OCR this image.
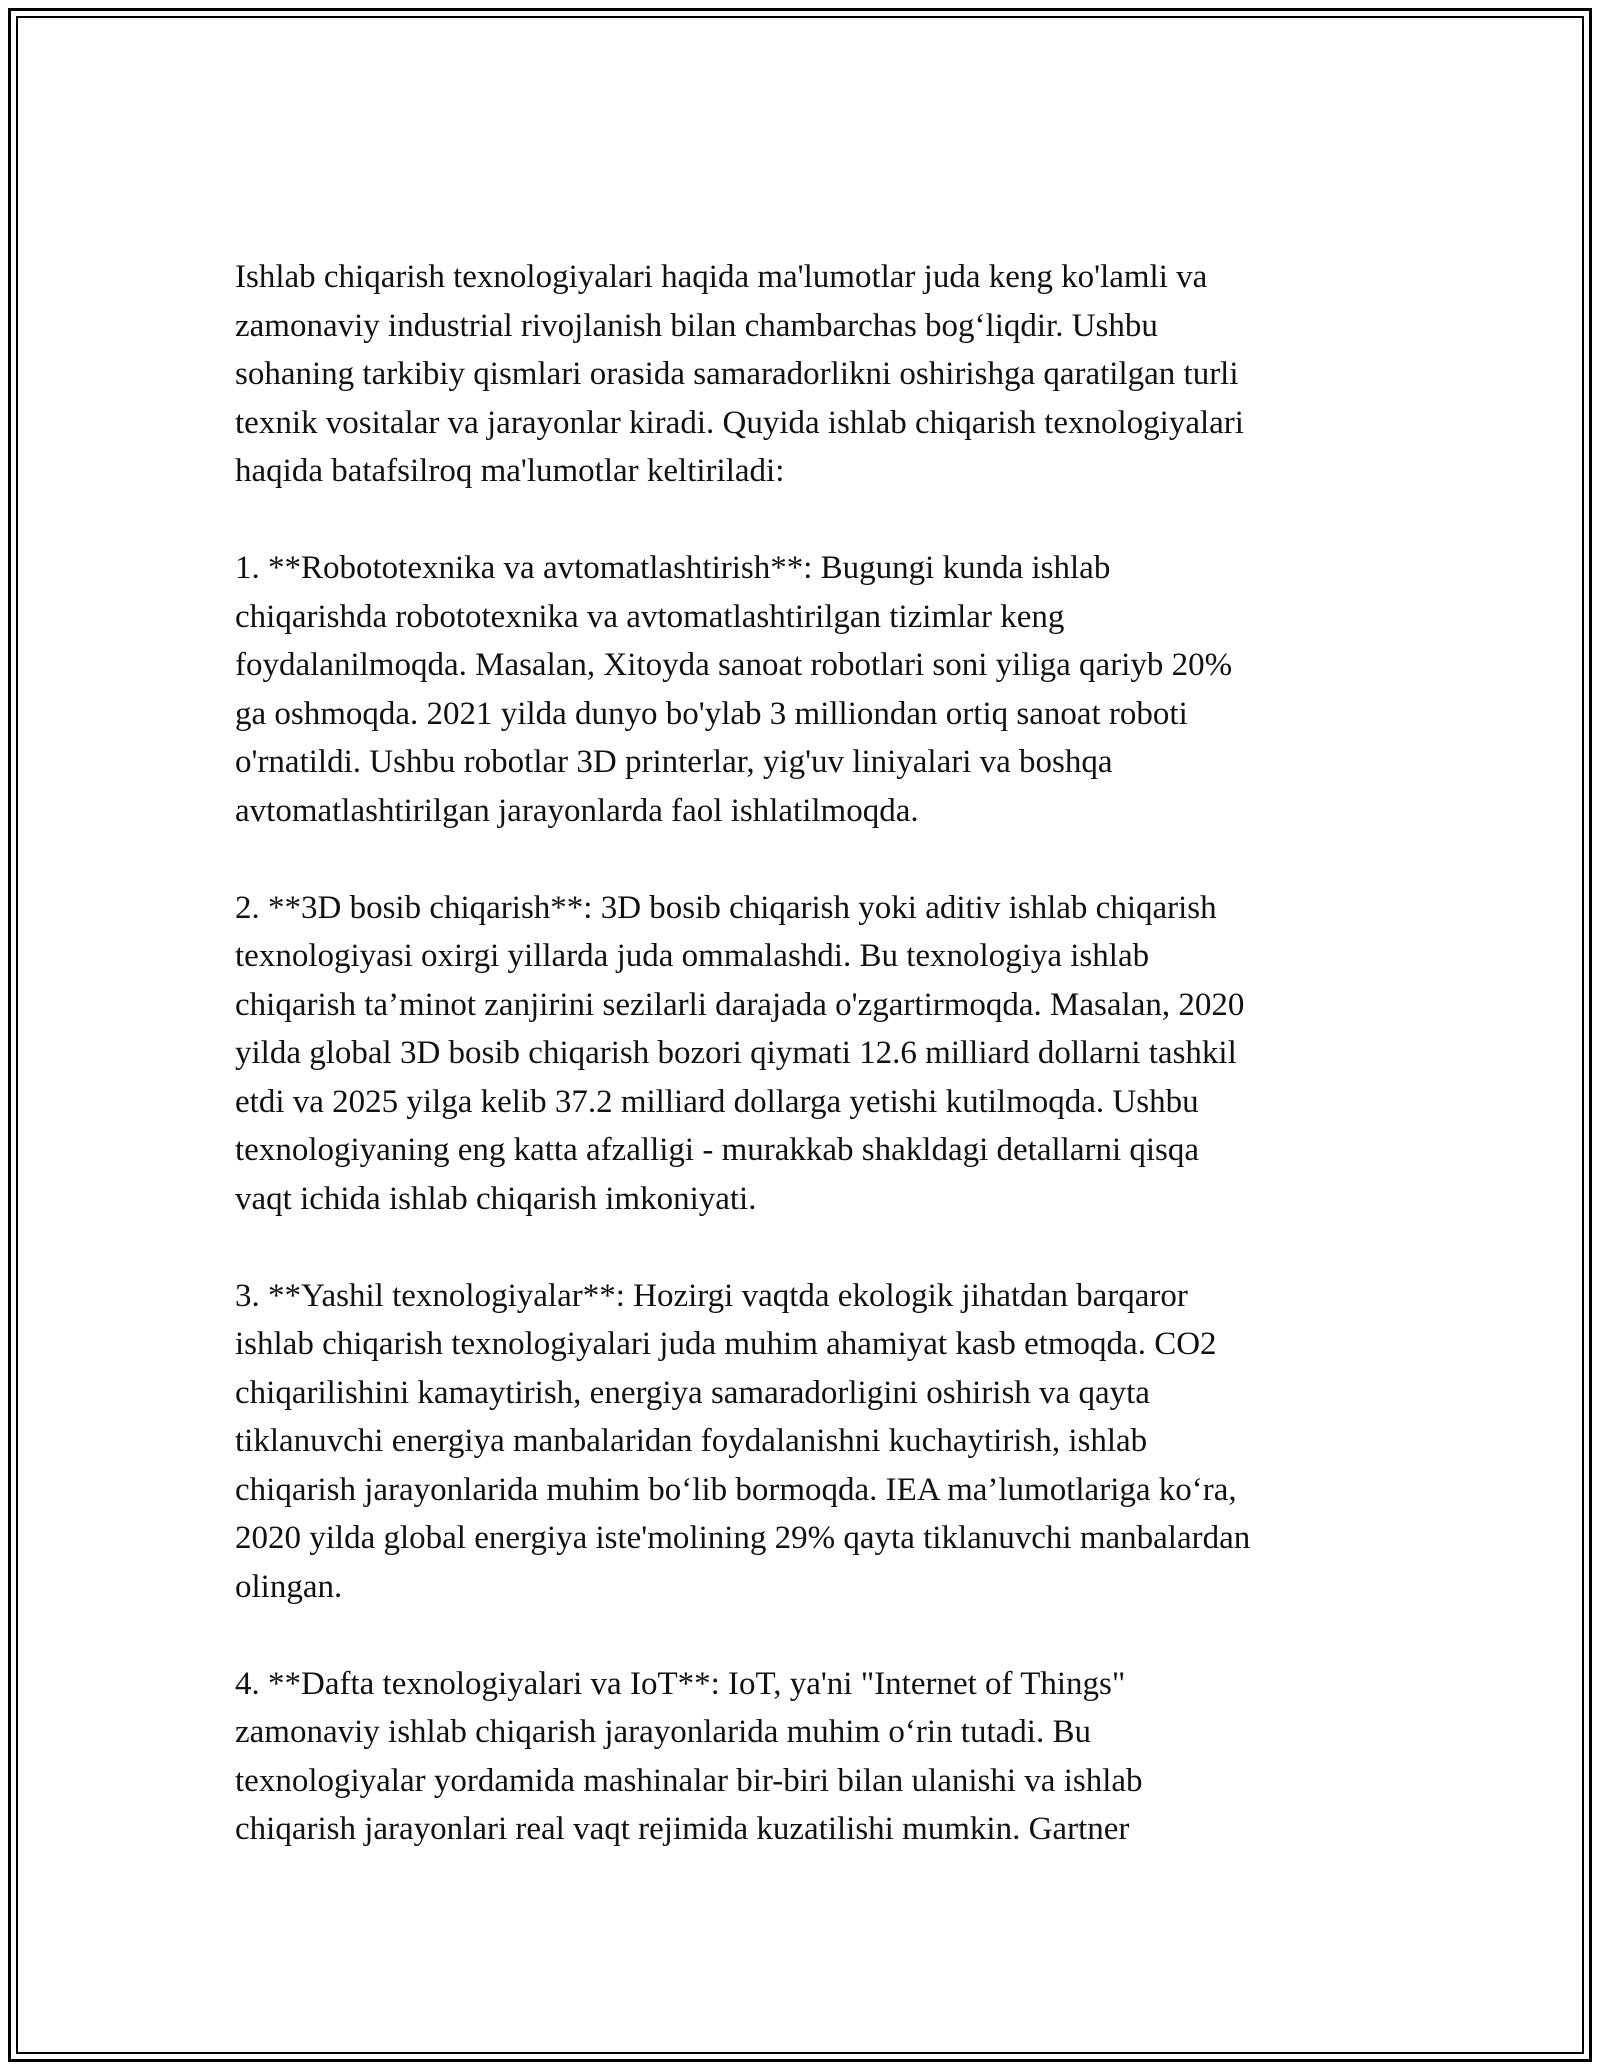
Ishlab chiqarish texnologiyalari haqida ma'lumotlar juda keng ko'lamli va
zamonaviy industrial rivojlanish bilan chambarchas bog‘liqdir. Ushbu
sohaning tarkibiy qismlari orasida samaradorlikni oshirishga qaratilgan turli
texnik vositalar va jarayonlar kiradi. Quyida ishlab chiqarish texnologiyalari
haqida batafsilroq ma'lumotlar keltiriladi:

1. **Robototexnika va avtomatlashtirish**: Bugungi kunda ishlab
chiqarishda robototexnika va avtomatlashtirilgan tizimlar keng
foydalanilmoqda. Masalan, Xitoyda sanoat robotlari soni yiliga qariyb 20%
ga oshmoqda. 2021 yilda dunyo bo'ylab 3 milliondan ortiq sanoat roboti
o'rnatildi. Ushbu robotlar 3D printerlar, yig'uv liniyalari va boshqa
avtomatlashtirilgan jarayonlarda faol ishlatilmoqda.

2. **3D bosib chiqarish**: 3D bosib chiqarish yoki aditiv ishlab chiqarish
texnologiyasi oxirgi yillarda juda ommalashdi. Bu texnologiya ishlab
chiqarish ta’minot zanjirini sezilarli darajada o'zgartirmoqda. Masalan, 2020
yilda global 3D bosib chiqarish bozori qiymati 12.6 milliard dollarni tashkil
etdi va 2025 yilga kelib 37.2 milliard dollarga yetishi kutilmoqda. Ushbu
texnologiyaning eng katta afzalligi - murakkab shakldagi detallarni qisqa
vaqt ichida ishlab chiqarish imkoniyati.

3. **Yashil texnologiyalar**: Hozirgi vaqtda ekologik jihatdan barqaror
ishlab chiqarish texnologiyalari juda muhim ahamiyat kasb etmoqda. CO2
chiqarilishini kamaytirish, energiya samaradorligini oshirish va qayta
tiklanuvchi energiya manbalaridan foydalanishni kuchaytirish, ishlab
chiqarish jarayonlarida muhim bo‘lib bormoqda. IEA ma’lumotlariga ko‘ra,
2020 yilda global energiya iste'molining 29% qayta tiklanuvchi manbalardan
olingan.

4. **Dafta texnologiyalari va IoT**: IoT, ya'ni "Internet of Things"
zamonaviy ishlab chiqarish jarayonlarida muhim o‘rin tutadi. Bu
texnologiyalar yordamida mashinalar bir-biri bilan ulanishi va ishlab
chiqarish jarayonlari real vaqt rejimida kuzatilishi mumkin. Gartner
